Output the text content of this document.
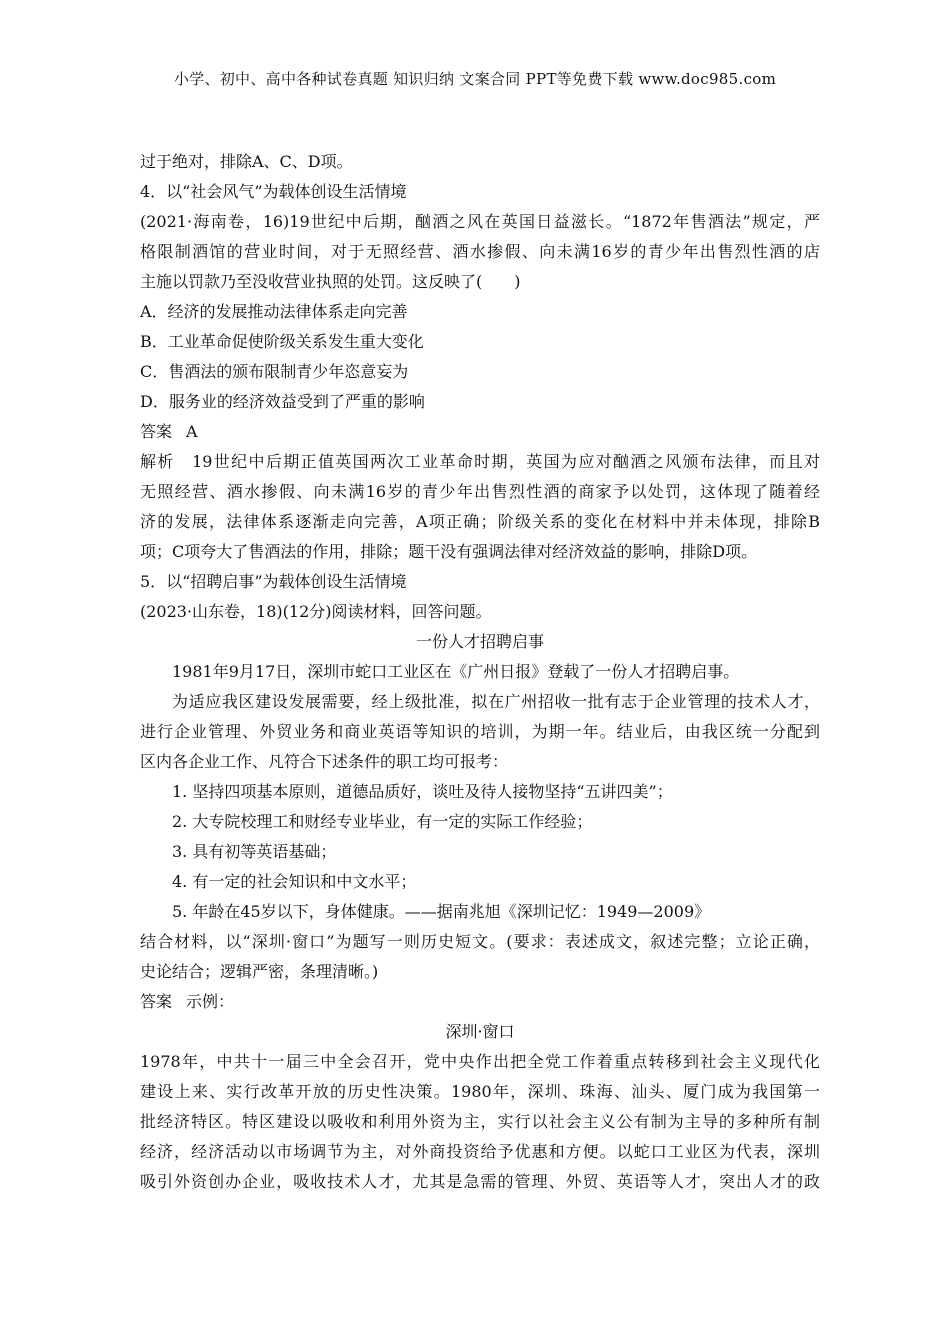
小学、初中、高中各种试卷真题 知识归纳 文案合同 PPT等免费下载 www.doc985.com
过于绝对，排除A、C、D项。
4．以“社会风气”为载体创设生活情境
(2021·海南卷，16)19世纪中后期，酗酒之风在英国日益滋长。“1872年售酒法”规定，严
格限制酒馆的营业时间，对于无照经营、酒水掺假、向未满16岁的青少年出售烈性酒的店
主施以罚款乃至没收营业执照的处罚。这反映了(　　)
A．经济的发展推动法律体系走向完善
B．工业革命促使阶级关系发生重大变化
C．售酒法的颁布限制青少年恣意妄为
D．服务业的经济效益受到了严重的影响
答案 A
解析　19世纪中后期正值英国两次工业革命时期，英国为应对酗酒之风颁布法律，而且对
无照经营、酒水掺假、向未满16岁的青少年出售烈性酒的商家予以处罚，这体现了随着经
济的发展，法律体系逐渐走向完善，A项正确；阶级关系的变化在材料中并未体现，排除B
项；C项夸大了售酒法的作用，排除；题干没有强调法律对经济效益的影响，排除D项。
5．以“招聘启事”为载体创设生活情境
(2023·山东卷，18)(12分)阅读材料，回答问题。
一份人才招聘启事
1981年9月17日，深圳市蛇口工业区在《广州日报》登载了一份人才招聘启事。
为适应我区建设发展需要，经上级批准，拟在广州招收一批有志于企业管理的技术人才，
进行企业管理、外贸业务和商业英语等知识的培训，为期一年。结业后，由我区统一分配到
区内各企业工作、凡符合下述条件的职工均可报考：
1. 坚持四项基本原则，道德品质好，谈吐及待人接物坚持“五讲四美”；
2. 大专院校理工和财经专业毕业，有一定的实际工作经验；
3. 具有初等英语基础；
4. 有一定的社会知识和中文水平；
5. 年龄在45岁以下，身体健康。——据南兆旭《深圳记忆：1949—2009》
结合材料，以“深圳·窗口”为题写一则历史短文。(要求：表述成文，叙述完整；立论正确，
史论结合；逻辑严密，条理清晰。)
答案 示例：
深圳·窗口
1978年，中共十一届三中全会召开，党中央作出把全党工作着重点转移到社会主义现代化
建设上来、实行改革开放的历史性决策。1980年，深圳、珠海、汕头、厦门成为我国第一
批经济特区。特区建设以吸收和利用外资为主，实行以社会主义公有制为主导的多种所有制
经济，经济活动以市场调节为主，对外商投资给予优惠和方便。以蛇口工业区为代表，深圳
吸引外资创办企业，吸收技术人才，尤其是急需的管理、外贸、英语等人才，突出人才的政
